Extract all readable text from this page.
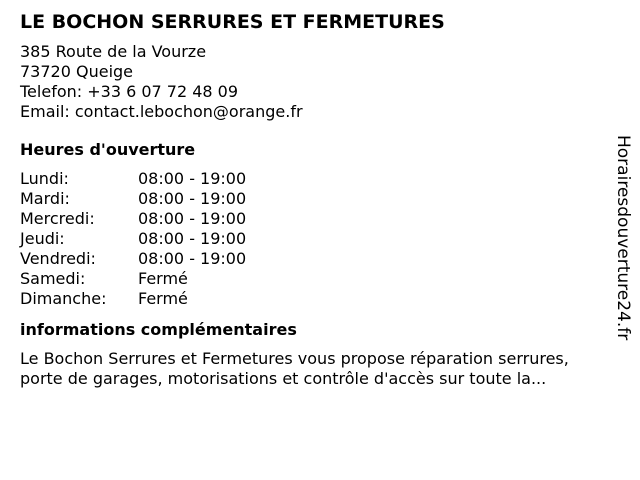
LE BOCHON SERRURES ET FERMETURES
385 Route de la Vourze
73720 Queige
Telefon: +33 6 07 72 48 09
Email: contact.lebochon@orange.fr
Heures d'ouverture
Lundi:	08:00 - 19:00
Mardi:	08:00 - 19:00
Mercredi:	08:00 - 19:00
Jeudi:	08:00 - 19:00
Vendredi:	08:00 - 19:00
Samedi:	Fermé
Dimanche:	Fermé
informations complémentaires
Le Bochon Serrures et Fermetures vous propose réparation serrures,
porte de garages, motorisations et contrôle d'accès sur toute la...
Horairesdouverture24.fr
